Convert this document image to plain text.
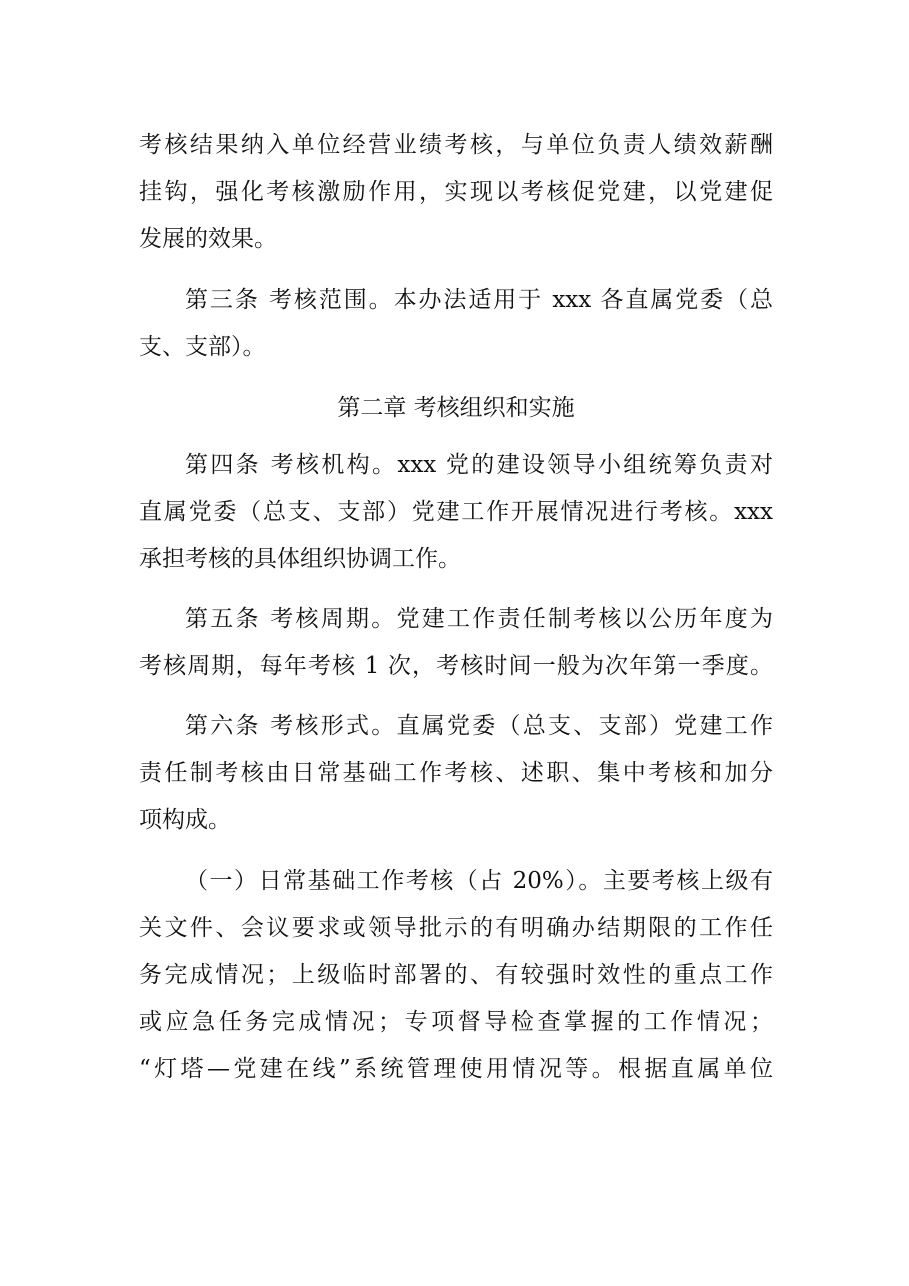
考核结果纳入单位经营业绩考核，与单位负责人绩效薪酬
挂钩，强化考核激励作用，实现以考核促党建，以党建促
发展的效果。
第三条 考核范围。本办法适用于 xxx 各直属党委（总
支、支部）。
第二章 考核组织和实施
第四条 考核机构。xxx 党的建设领导小组统筹负责对
直属党委（总支、支部）党建工作开展情况进行考核。xxx
承担考核的具体组织协调工作。
第五条 考核周期。党建工作责任制考核以公历年度为
考核周期，每年考核 1 次，考核时间一般为次年第一季度。
第六条 考核形式。直属党委（总支、支部）党建工作
责任制考核由日常基础工作考核、述职、集中考核和加分
项构成。
（一）日常基础工作考核（占 20%）。主要考核上级有
关文件、会议要求或领导批示的有明确办结期限的工作任
务完成情况；上级临时部署的、有较强时效性的重点工作
或应急任务完成情况；专项督导检查掌握的工作情况；
“灯塔—党建在线”系统管理使用情况等。根据直属单位
